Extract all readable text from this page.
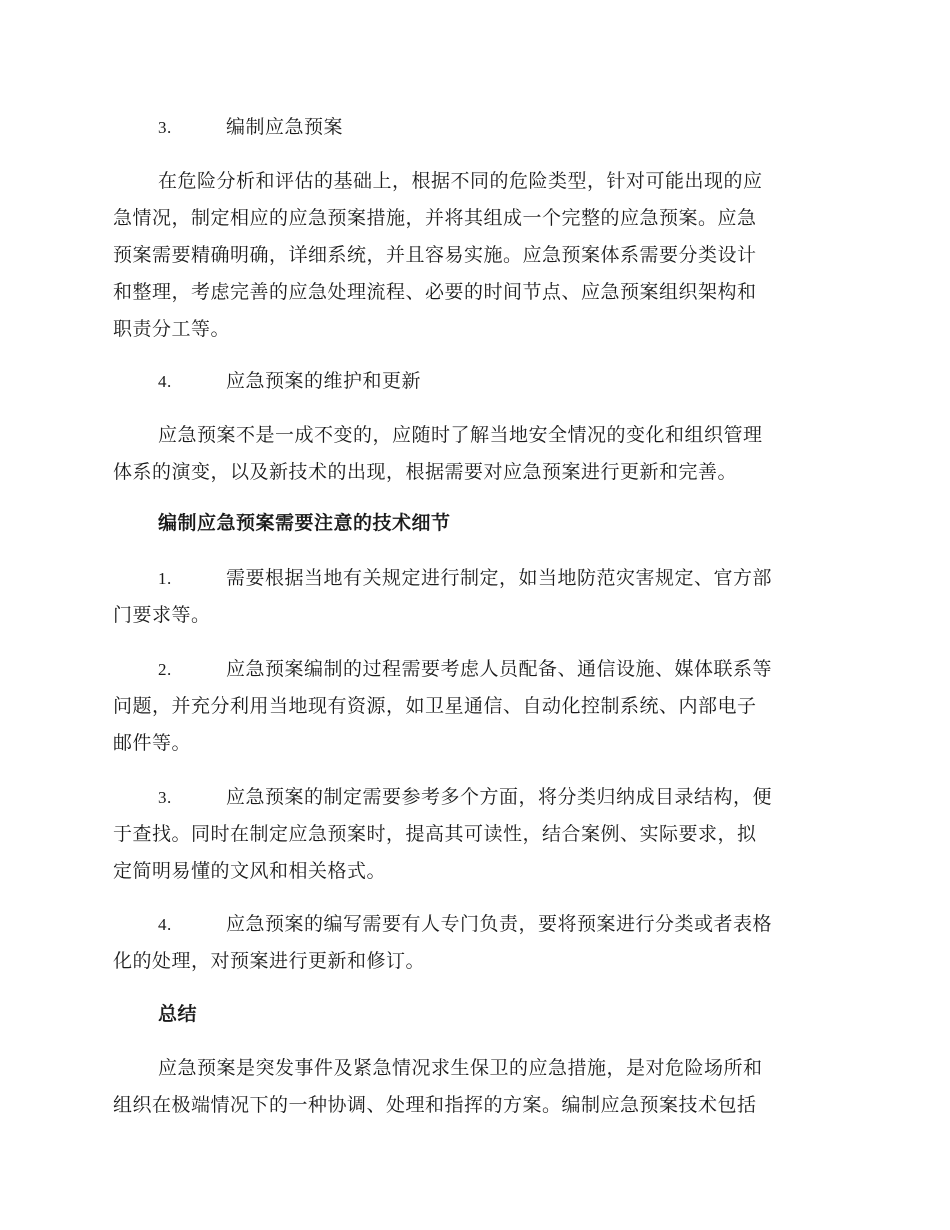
3.	编制应急预案
在危险分析和评估的基础上，根据不同的危险类型，针对可能出现的应
急情况，制定相应的应急预案措施，并将其组成一个完整的应急预案。应急
预案需要精确明确，详细系统，并且容易实施。应急预案体系需要分类设计
和整理，考虑完善的应急处理流程、必要的时间节点、应急预案组织架构和
职责分工等。
4.	应急预案的维护和更新
应急预案不是一成不变的，应随时了解当地安全情况的变化和组织管理
体系的演变，以及新技术的出现，根据需要对应急预案进行更新和完善。
编制应急预案需要注意的技术细节
1.	需要根据当地有关规定进行制定，如当地防范灾害规定、官方部
门要求等。
2.	应急预案编制的过程需要考虑人员配备、通信设施、媒体联系等
问题，并充分利用当地现有资源，如卫星通信、自动化控制系统、内部电子
邮件等。
3.	应急预案的制定需要参考多个方面，将分类归纳成目录结构，便
于查找。同时在制定应急预案时，提高其可读性，结合案例、实际要求，拟
定简明易懂的文风和相关格式。
4.	应急预案的编写需要有人专门负责，要将预案进行分类或者表格
化的处理，对预案进行更新和修订。
总结
应急预案是突发事件及紧急情况求生保卫的应急措施，是对危险场所和
组织在极端情况下的一种协调、处理和指挥的方案。编制应急预案技术包括
